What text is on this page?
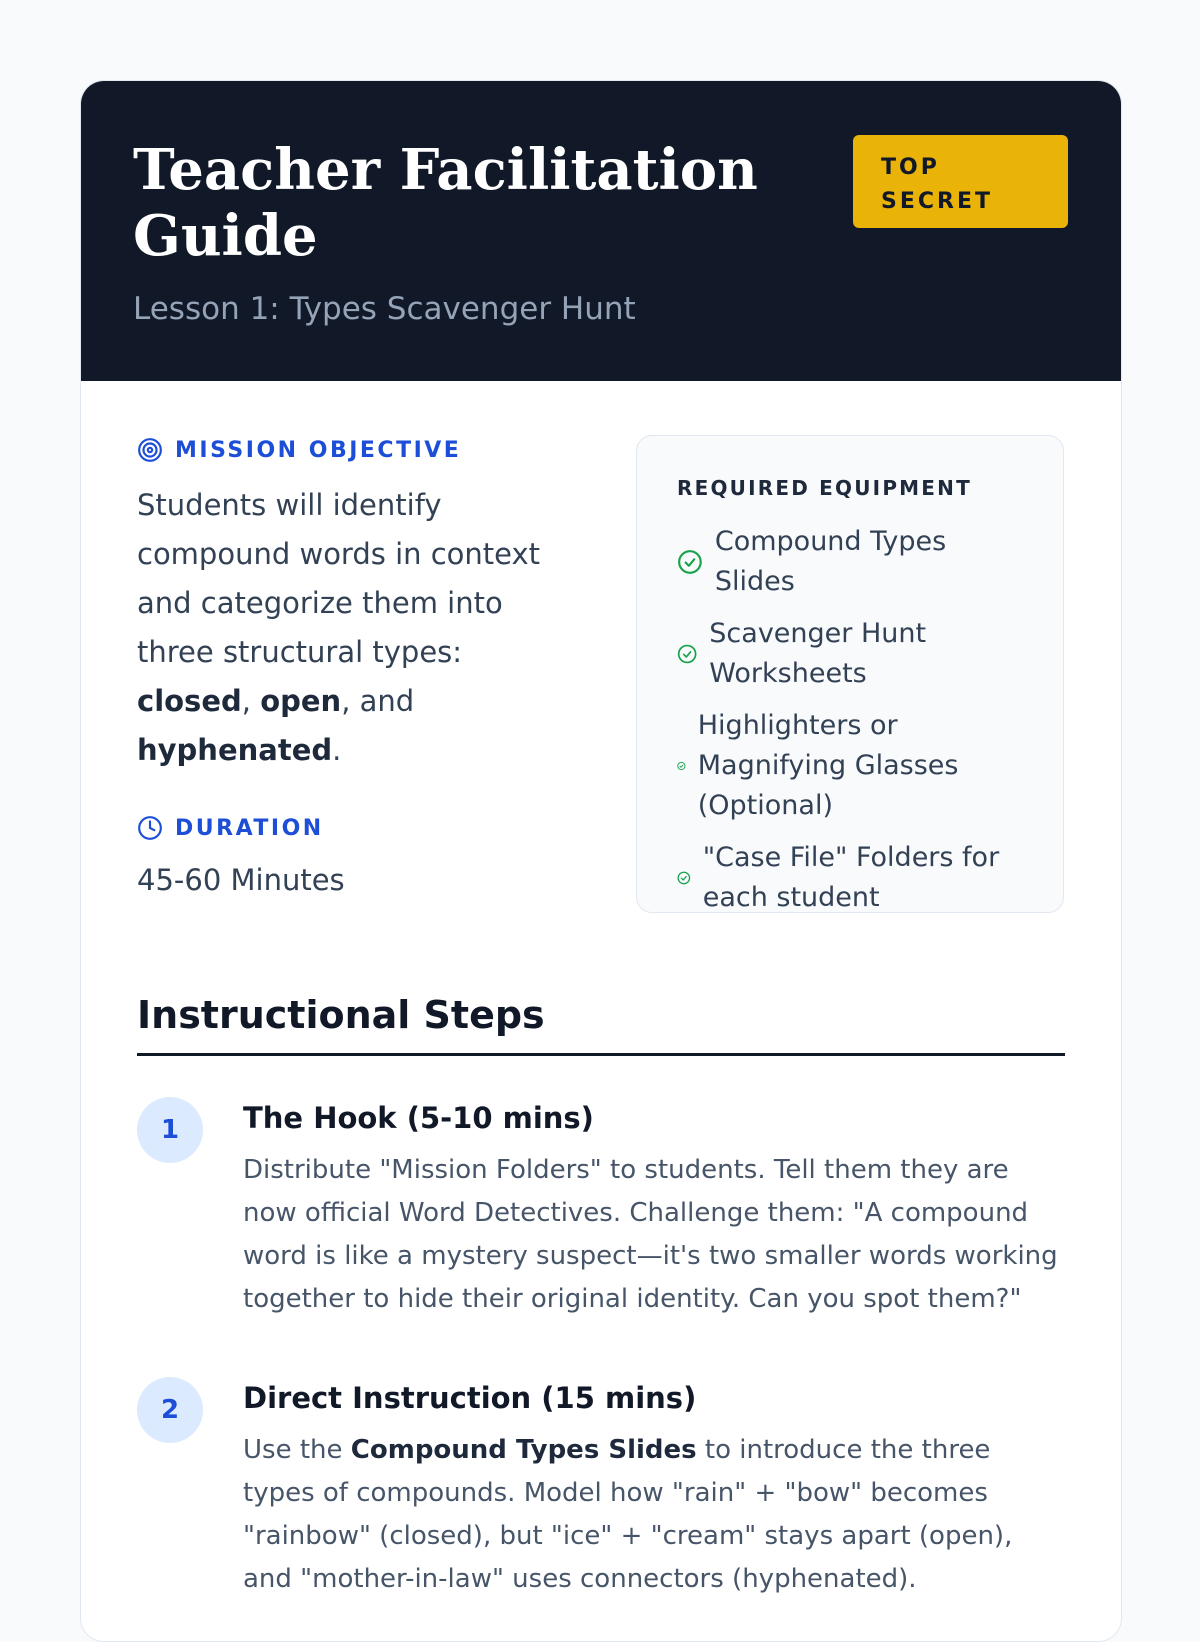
Teacher Facilitation Guide
Lesson 1: Types Scavenger Hunt
TOP SECRET
MISSION OBJECTIVE
Students will identify compound words in context and categorize them into three structural types: closed, open, and hyphenated.
DURATION
45-60 Minutes
REQUIRED EQUIPMENT
Compound Types Slides
Scavenger Hunt Worksheets
Highlighters or Magnifying Glasses (Optional)
"Case File" Folders for each student
Instructional Steps
1	The Hook (5-10 mins)
Distribute "Mission Folders" to students. Tell them they are now official Word Detectives. Challenge them: "A compound word is like a mystery suspect—it's two smaller words working together to hide their original identity. Can you spot them?"
2	Direct Instruction (15 mins)
Use the Compound Types Slides to introduce the three types of compounds. Model how "rain" + "bow" becomes "rainbow" (closed), but "ice" + "cream" stays apart (open), and "mother-in-law" uses connectors (hyphenated).
